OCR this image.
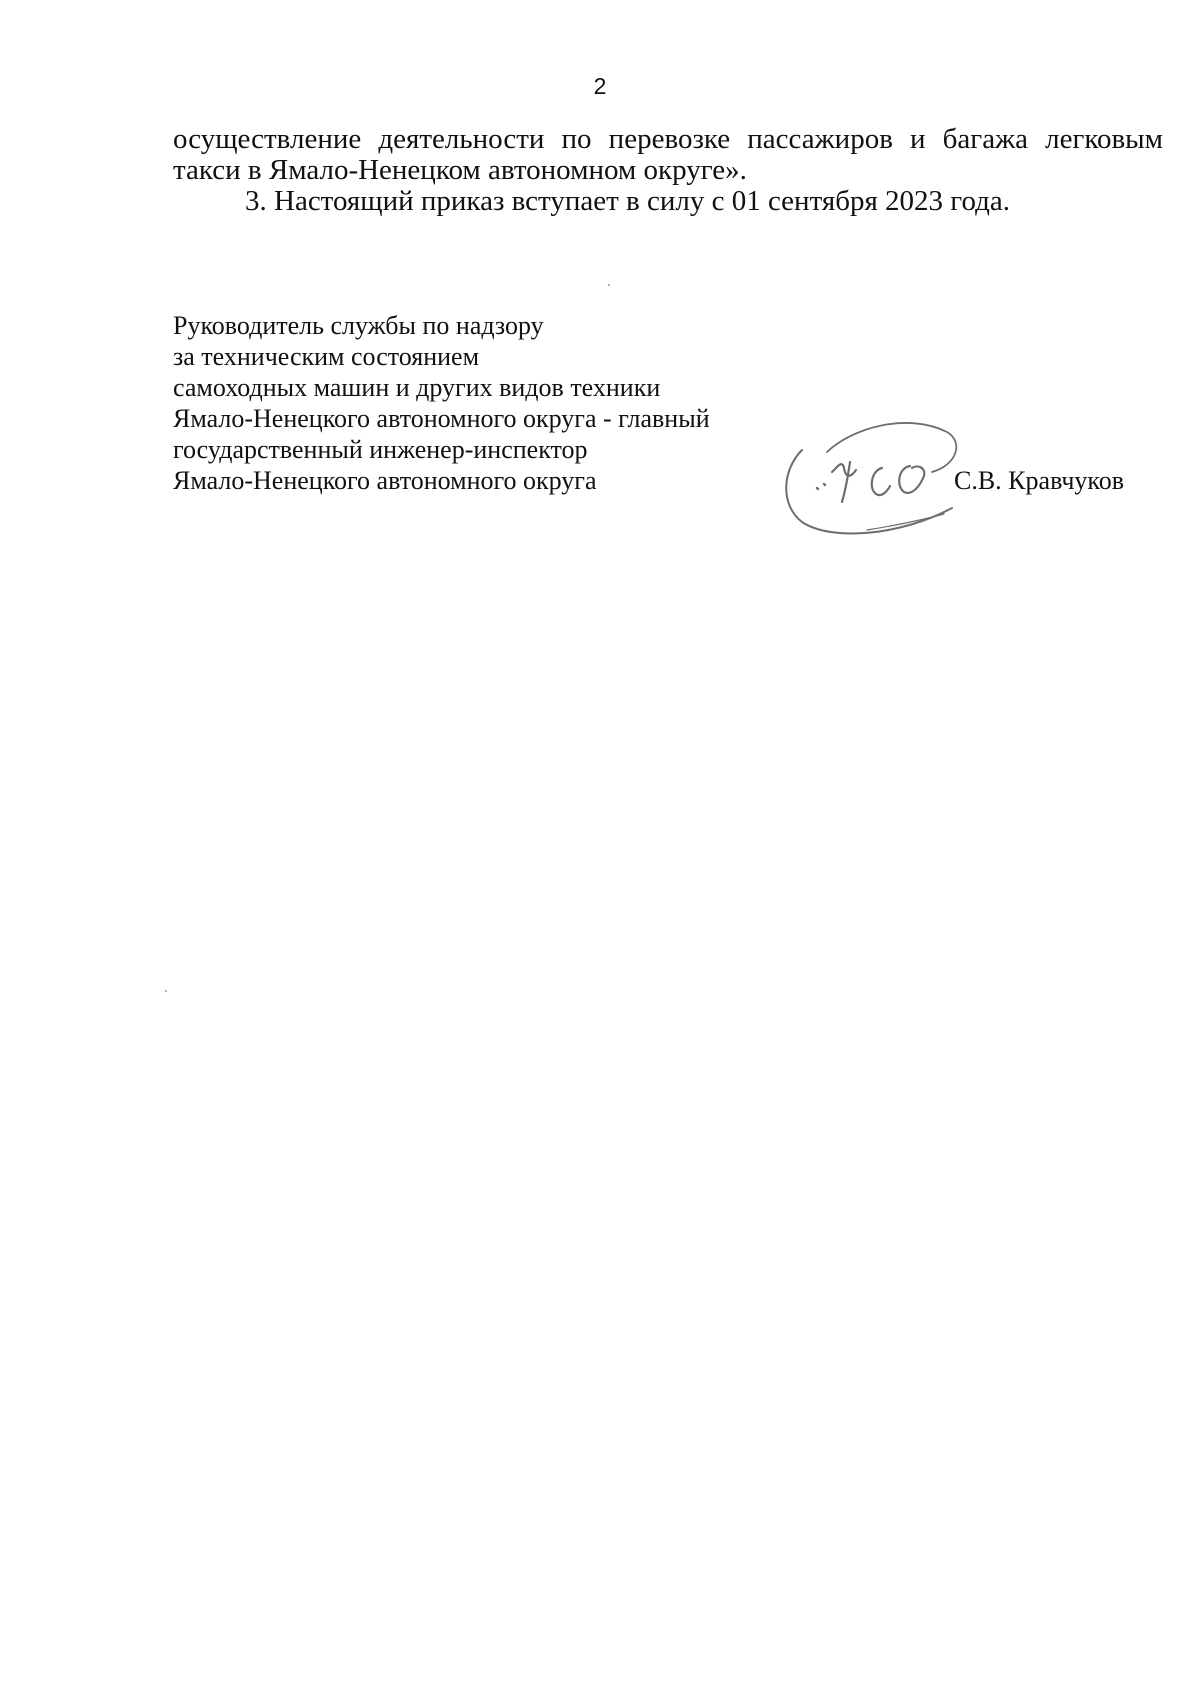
2

осуществление деятельности по перевозке пассажиров и багажа легковым такси в Ямало-Ненецком автономном округе».

3. Настоящий приказ вступает в силу с 01 сентября 2023 года.

Руководитель службы по надзору
за техническим состоянием
самоходных машин и других видов техники
Ямало-Ненецкого автономного округа - главный
государственный инженер-инспектор
Ямало-Ненецкого автономного округа	С.В. Кравчуков
